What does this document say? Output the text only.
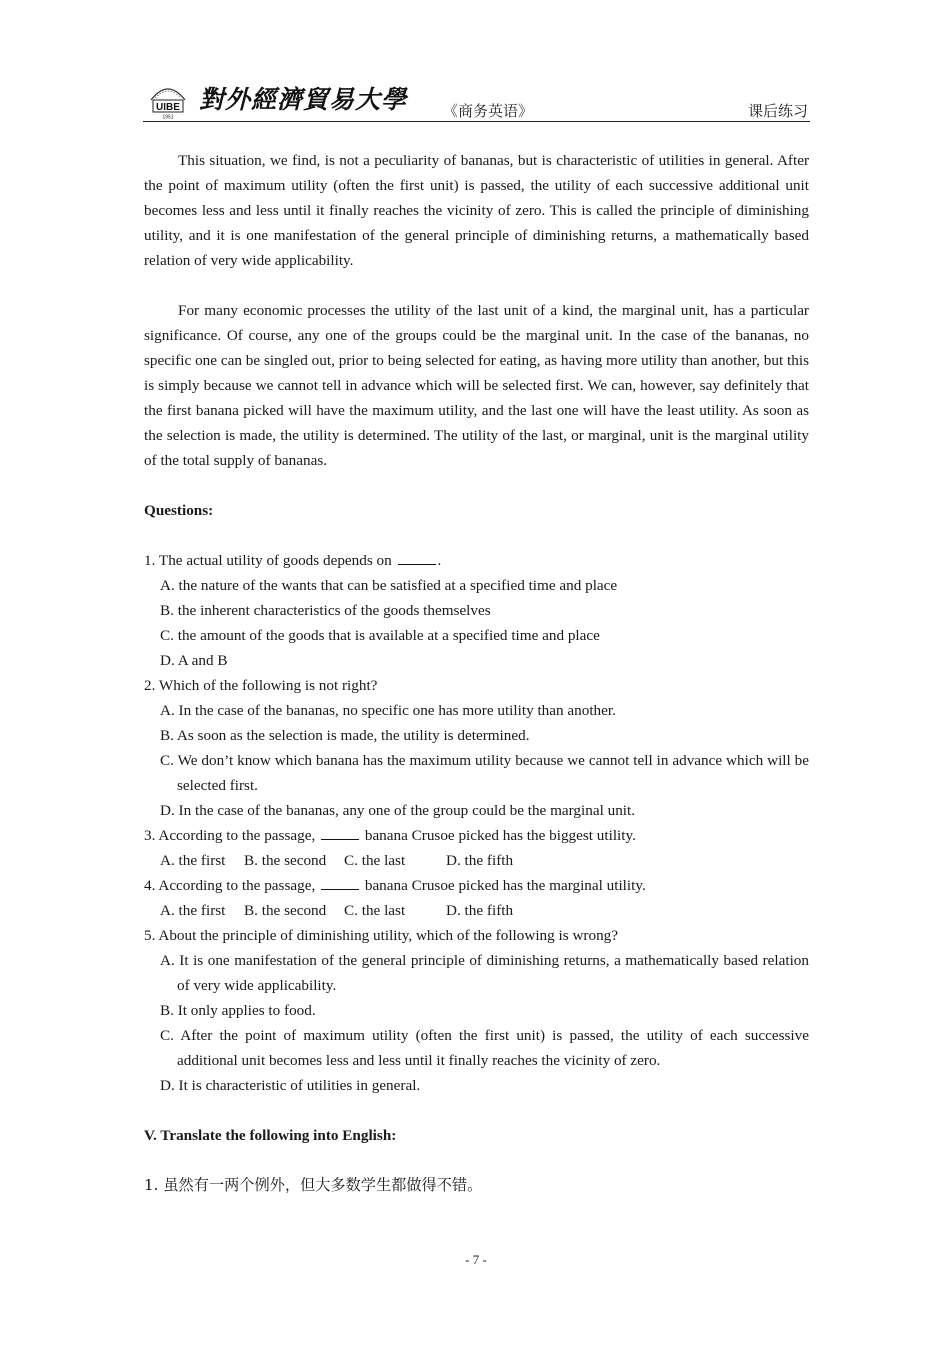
UIBE
1951
對外經濟貿易大學 《商务英语》	课后练习

This situation, we find, is not a peculiarity of bananas, but is characteristic of utilities in general. After the point of maximum utility (often the first unit) is passed, the utility of each successive additional unit becomes less and less until it finally reaches the vicinity of zero. This is called the principle of diminishing utility, and it is one manifestation of the general principle of diminishing returns, a mathematically based relation of very wide applicability.

For many economic processes the utility of the last unit of a kind, the marginal unit, has a particular significance. Of course, any one of the groups could be the marginal unit. In the case of the bananas, no specific one can be singled out, prior to being selected for eating, as having more utility than another, but this is simply because we cannot tell in advance which will be selected first. We can, however, say definitely that the first banana picked will have the maximum utility, and the last one will have the least utility. As soon as the selection is made, the utility is determined. The utility of the last, or marginal, unit is the marginal utility of the total supply of bananas.

Questions:

1. The actual utility of goods depends on	.

A. the nature of the wants that can be satisfied at a specified time and place

B. the inherent characteristics of the goods themselves

C. the amount of the goods that is available at a specified time and place

D. A and B

2. Which of the following is not right?

A. In the case of the bananas, no specific one has more utility than another.

B. As soon as the selection is made, the utility is determined.

C. We don’t know which banana has the maximum utility because we cannot tell in advance which will be selected first.

D. In the case of the bananas, any one of the group could be the marginal unit.

3. According to the passage,	banana Crusoe picked has the biggest utility.

A. the first B. the second C. the last	D. the fifth

4. According to the passage,	banana Crusoe picked has the marginal utility.

A. the first B. the second C. the last	D. the fifth

5. About the principle of diminishing utility, which of the following is wrong?

A. It is one manifestation of the general principle of diminishing returns, a mathematically based relation of very wide applicability.

B. It only applies to food.

C. After the point of maximum utility (often the first unit) is passed, the utility of each successive additional unit becomes less and less until it finally reaches the vicinity of zero.

D. It is characteristic of utilities in general.

V. Translate the following into English:

1. 虽然有一两个例外，但大多数学生都做得不错。

- 7 -
